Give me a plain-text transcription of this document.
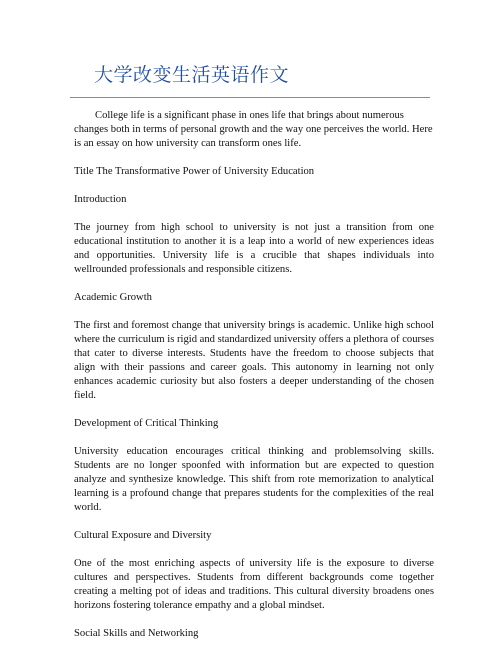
大学改变生活英语作文

College life is a significant phase in ones life that brings about numerous changes both in terms of personal growth and the way one perceives the world. Here is an essay on how university can transform ones life.

Title The Transformative Power of University Education

Introduction

The journey from high school to university is not just a transition from one educational institution to another it is a leap into a world of new experiences ideas and opportunities. University life is a crucible that shapes individuals into wellrounded professionals and responsible citizens.

Academic Growth

The first and foremost change that university brings is academic. Unlike high school where the curriculum is rigid and standardized university offers a plethora of courses that cater to diverse interests. Students have the freedom to choose subjects that align with their passions and career goals. This autonomy in learning not only enhances academic curiosity but also fosters a deeper understanding of the chosen field.

Development of Critical Thinking

University education encourages critical thinking and problemsolving skills. Students are no longer spoonfed with information but are expected to question analyze and synthesize knowledge. This shift from rote memorization to analytical learning is a profound change that prepares students for the complexities of the real world.

Cultural Exposure and Diversity

One of the most enriching aspects of university life is the exposure to diverse cultures and perspectives. Students from different backgrounds come together creating a melting pot of ideas and traditions. This cultural diversity broadens ones horizons fostering tolerance empathy and a global mindset.

Social Skills and Networking
